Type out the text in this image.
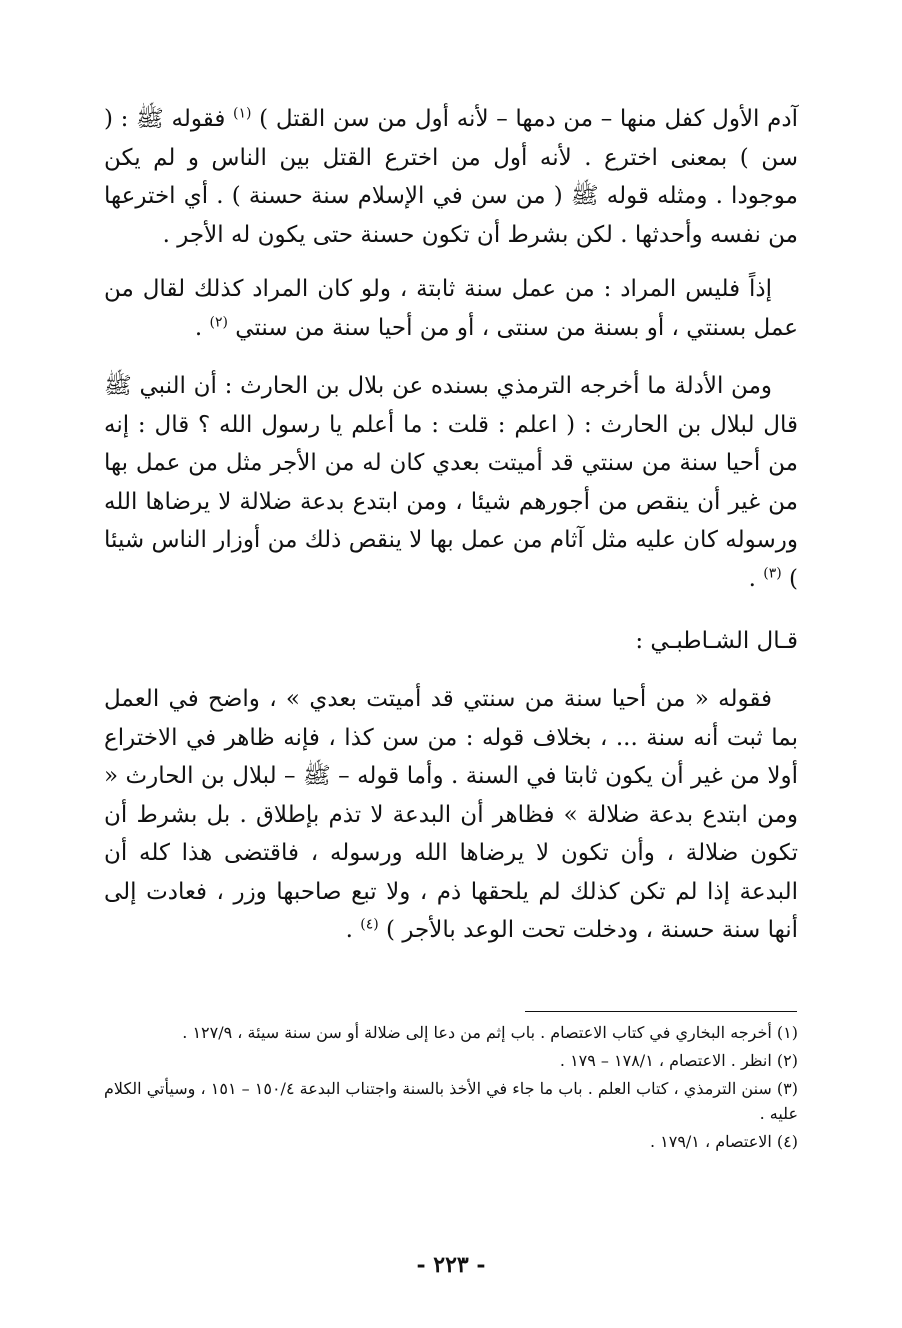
آدم الأول كفل منها – من دمها – لأنه أول من سن القتل ) $^{(١)}$ فقوله ﷺ : ( سن ) بمعنى اخترع . لأنه أول من اخترع القتل بين الناس و لم يكن موجودا . ومثله قوله ﷺ ( من سن في الإسلام سنة حسنة ) . أي اخترعها من نفسه وأحدثها . لكن بشرط أن تكون حسنة حتى يكون له الأجر .

إذاً فليس المراد : من عمل سنة ثابتة ، ولو كان المراد كذلك لقال من عمل بسنتي ، أو بسنة من سنتى ، أو من أحيا سنة من سنتي $^{(٢)}$ .

ومن الأدلة ما أخرجه الترمذي بسنده عن بلال بن الحارث : أن النبي ﷺ قال لبلال بن الحارث : ( اعلم : قلت : ما أعلم يا رسول الله ؟ قال : إنه من أحيا سنة من سنتي قد أميتت بعدي كان له من الأجر مثل من عمل بها من غير أن ينقص من أجورهم شيئا ، ومن ابتدع بدعة ضلالة لا يرضاها الله ورسوله كان عليه مثل آثام من عمل بها لا ينقص ذلك من أوزار الناس شيئا ) $^{(٣)}$ .

قـال الشـاطبـي :

فقوله « من أحيا سنة من سنتي قد أميتت بعدي » ، واضح في العمل بما ثبت أنه سنة ... ، بخلاف قوله : من سن كذا ، فإنه ظاهر في الاختراع أولا من غير أن يكون ثابتا في السنة . وأما قوله – ﷺ – لبلال بن الحارث « ومن ابتدع بدعة ضلالة » فظاهر أن البدعة لا تذم بإطلاق . بل بشرط أن تكون ضلالة ، وأن تكون لا يرضاها الله ورسوله ، فاقتضى هذا كله أن البدعة إذا لم تكن كذلك لم يلحقها ذم ، ولا تبع صاحبها وزر ، فعادت إلى أنها سنة حسنة ، ودخلت تحت الوعد بالأجر ) $^{(٤)}$ .

(١) أخرجه البخاري في كتاب الاعتصام . باب إثم من دعا إلى ضلالة أو سن سنة سيئة ، ١٢٧/٩ .

(٢) انظر . الاعتصام ، ١٧٨/١ – ١٧٩ .

(٣) سنن الترمذي ، كتاب العلم . باب ما جاء في الأخذ بالسنة واجتناب البدعة ١٥٠/٤ – ١٥١ ، وسيأتي الكلام عليه .

(٤) الاعتصام ، ١٧٩/١ .

- ٢٢٣ -
